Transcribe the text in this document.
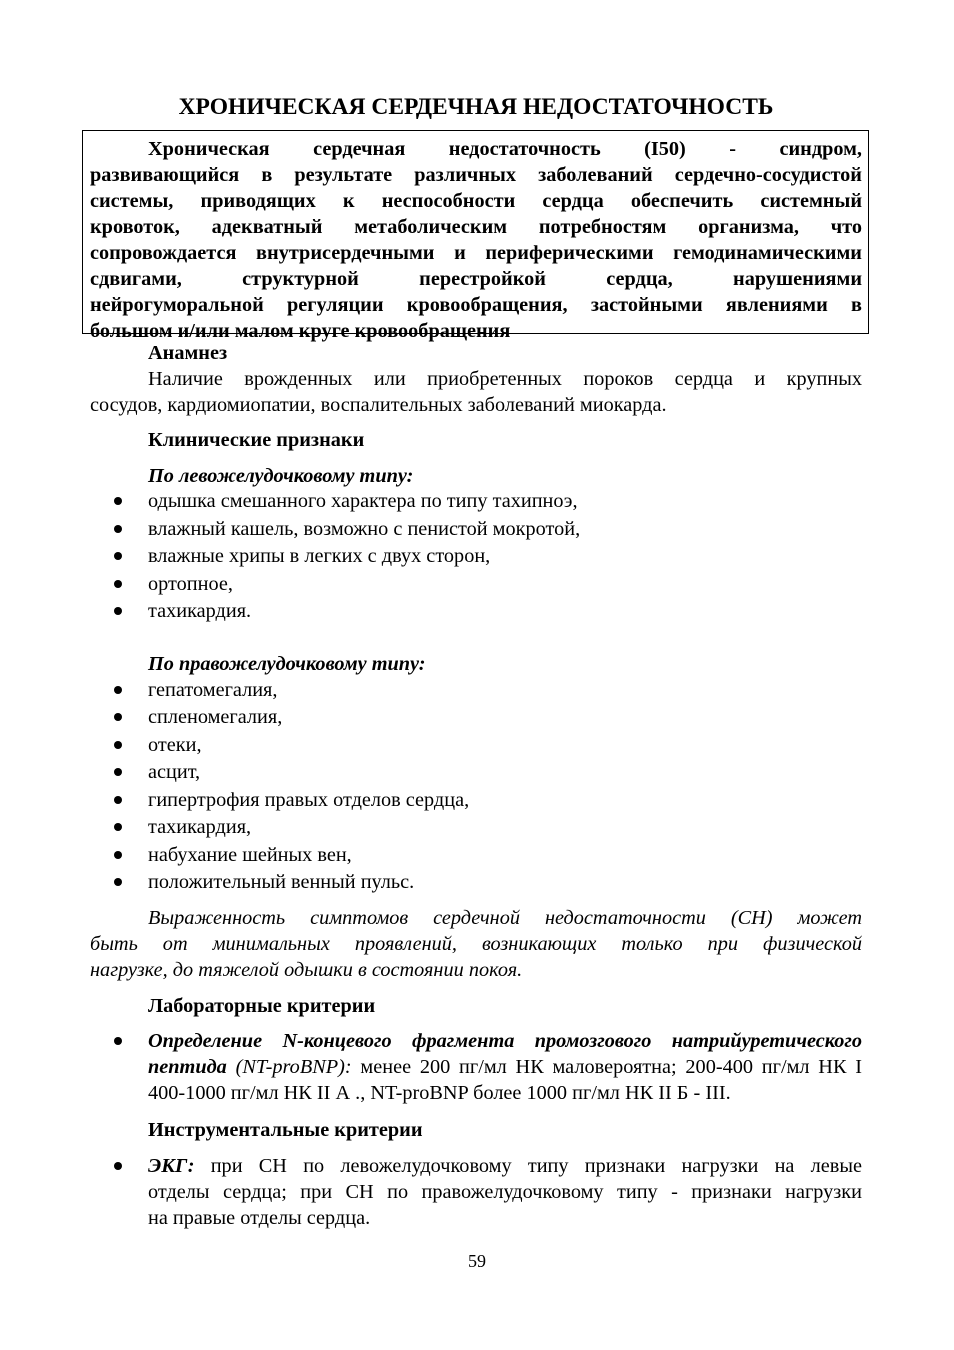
ХРОНИЧЕСКАЯ СЕРДЕЧНАЯ НЕДОСТАТОЧНОСТЬ
Хроническая сердечная недостаточность (I50) - синдром,
развивающийся в результате различных заболеваний сердечно-сосудистой
системы, приводящих к неспособности сердца обеспечить системный
кровоток, адекватный метаболическим потребностям организма, что
сопровождается внутрисердечными и периферическими гемодинамическими
сдвигами, структурной перестройкой сердца, нарушениями
нейрогуморальной регуляции кровообращения, застойными явлениями в
большом и/или малом круге кровообращения
Анамнез
Наличие врожденных или приобретенных пороков сердца и крупных
сосудов, кардиомиопатии, воспалительных заболеваний миокарда.
Клинические признаки
По левожелудочковому типу:
одышка смешанного характера по типу тахипноэ,
влажный кашель, возможно с пенистой мокротой,
влажные хрипы в легких с двух сторон,
ортопное,
тахикардия.
По правожелудочковому типу:
гепатомегалия,
спленомегалия,
отеки,
асцит,
гипертрофия правых отделов сердца,
тахикардия,
набухание шейных вен,
положительный венный пульс.
Выраженность симптомов сердечной недостаточности (СН) может
быть от минимальных проявлений, возникающих только при физической
нагрузке, до тяжелой одышки в состоянии покоя.
Лабораторные критерии
Определение N-концевого фрагмента промозгового натрийуретического
пептида (NT-proBNP): менее 200 пг/мл НК маловероятна; 200-400 пг/мл НК I
400-1000 пг/мл НК II А ., NT-proBNP более 1000 пг/мл НК II Б - III.
Инструментальные критерии
ЭКГ: при СН по левожелудочковому типу признаки нагрузки на левые
отделы сердца; при СН по правожелудочковому типу - признаки нагрузки
на правые отделы сердца.
59
